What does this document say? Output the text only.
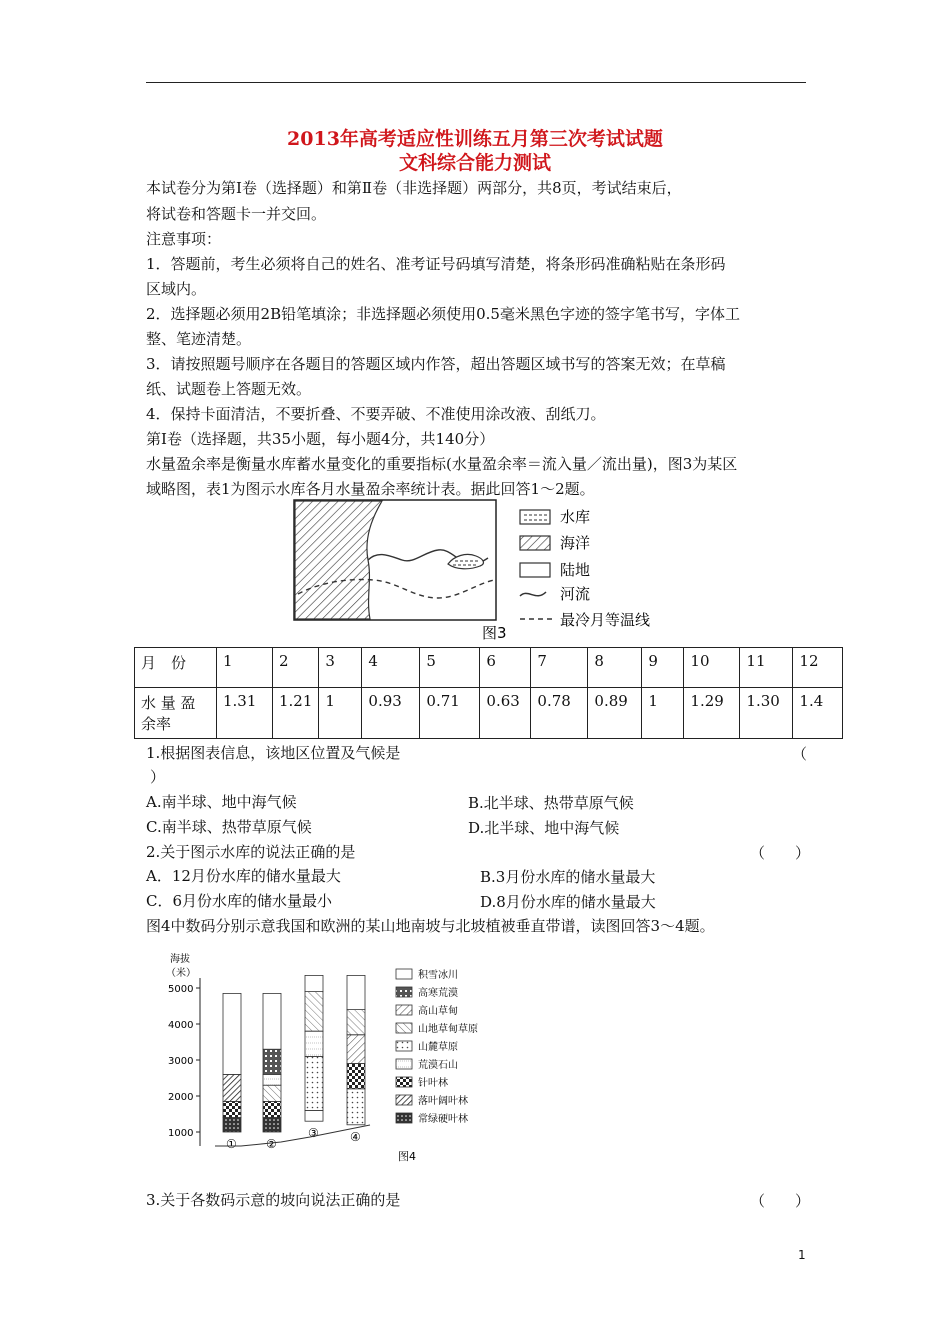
2013年高考适应性训练五月第三次考试试题
文科综合能力测试
本试卷分为第Ⅰ卷（选择题）和第Ⅱ卷（非选择题）两部分，共8页，考试结束后，
将试卷和答题卡一并交回。
注意事项：
1．答题前，考生必须将自己的姓名、准考证号码填写清楚，将条形码准确粘贴在条形码
区域内。
2．选择题必须用2B铅笔填涂；非选择题必须使用0.5毫米黑色字迹的签字笔书写，字体工
整、笔迹清楚。
3．请按照题号顺序在各题目的答题区域内作答，超出答题区域书写的答案无效；在草稿
纸、试题卷上答题无效。
4．保持卡面清洁，不要折叠、不要弄破、不准使用涂改液、刮纸刀。
第Ⅰ卷（选择题，共35小题，每小题4分，共140分）
水量盈余率是衡量水库蓄水量变化的重要指标(水量盈余率＝流入量／流出量)，图3为某区
域略图，表1为图示水库各月水量盈余率统计表。据此回答1～2题。
水库
海洋
陆地
河流
最冷月等温线
图3
月　份	1	2	3	4	5	6	7	8	9	10	11	12

水 量 盈
余率	1.31	1.21	1	0.93	0.71	0.63	0.78	0.89	1	1.29	1.30	1.4
1.根据图表信息，该地区位置及气候是	（
）
A.南半球、地中海气候	B.北半球、热带草原气候
C.南半球、热带草原气候	D.北半球、地中海气候
2.关于图示水库的说法正确的是	（　　）
A．12月份水库的储水量最大	B.3月份水库的储水量最大
C．6月份水库的储水量最小	D.8月份水库的储水量最大
图4中数码分别示意我国和欧洲的某山地南坡与北坡植被垂直带谱，读图回答3～4题。
海拔
（米）
5000
4000
3000
2000
1000
① ②
③	④
积雪冰川
高寒荒漠
高山草甸
山地草甸草原
山麓草原
荒漠石山
针叶林
落叶阔叶林
常绿硬叶林
图4
3.关于各数码示意的坡向说法正确的是	（　　）
1
